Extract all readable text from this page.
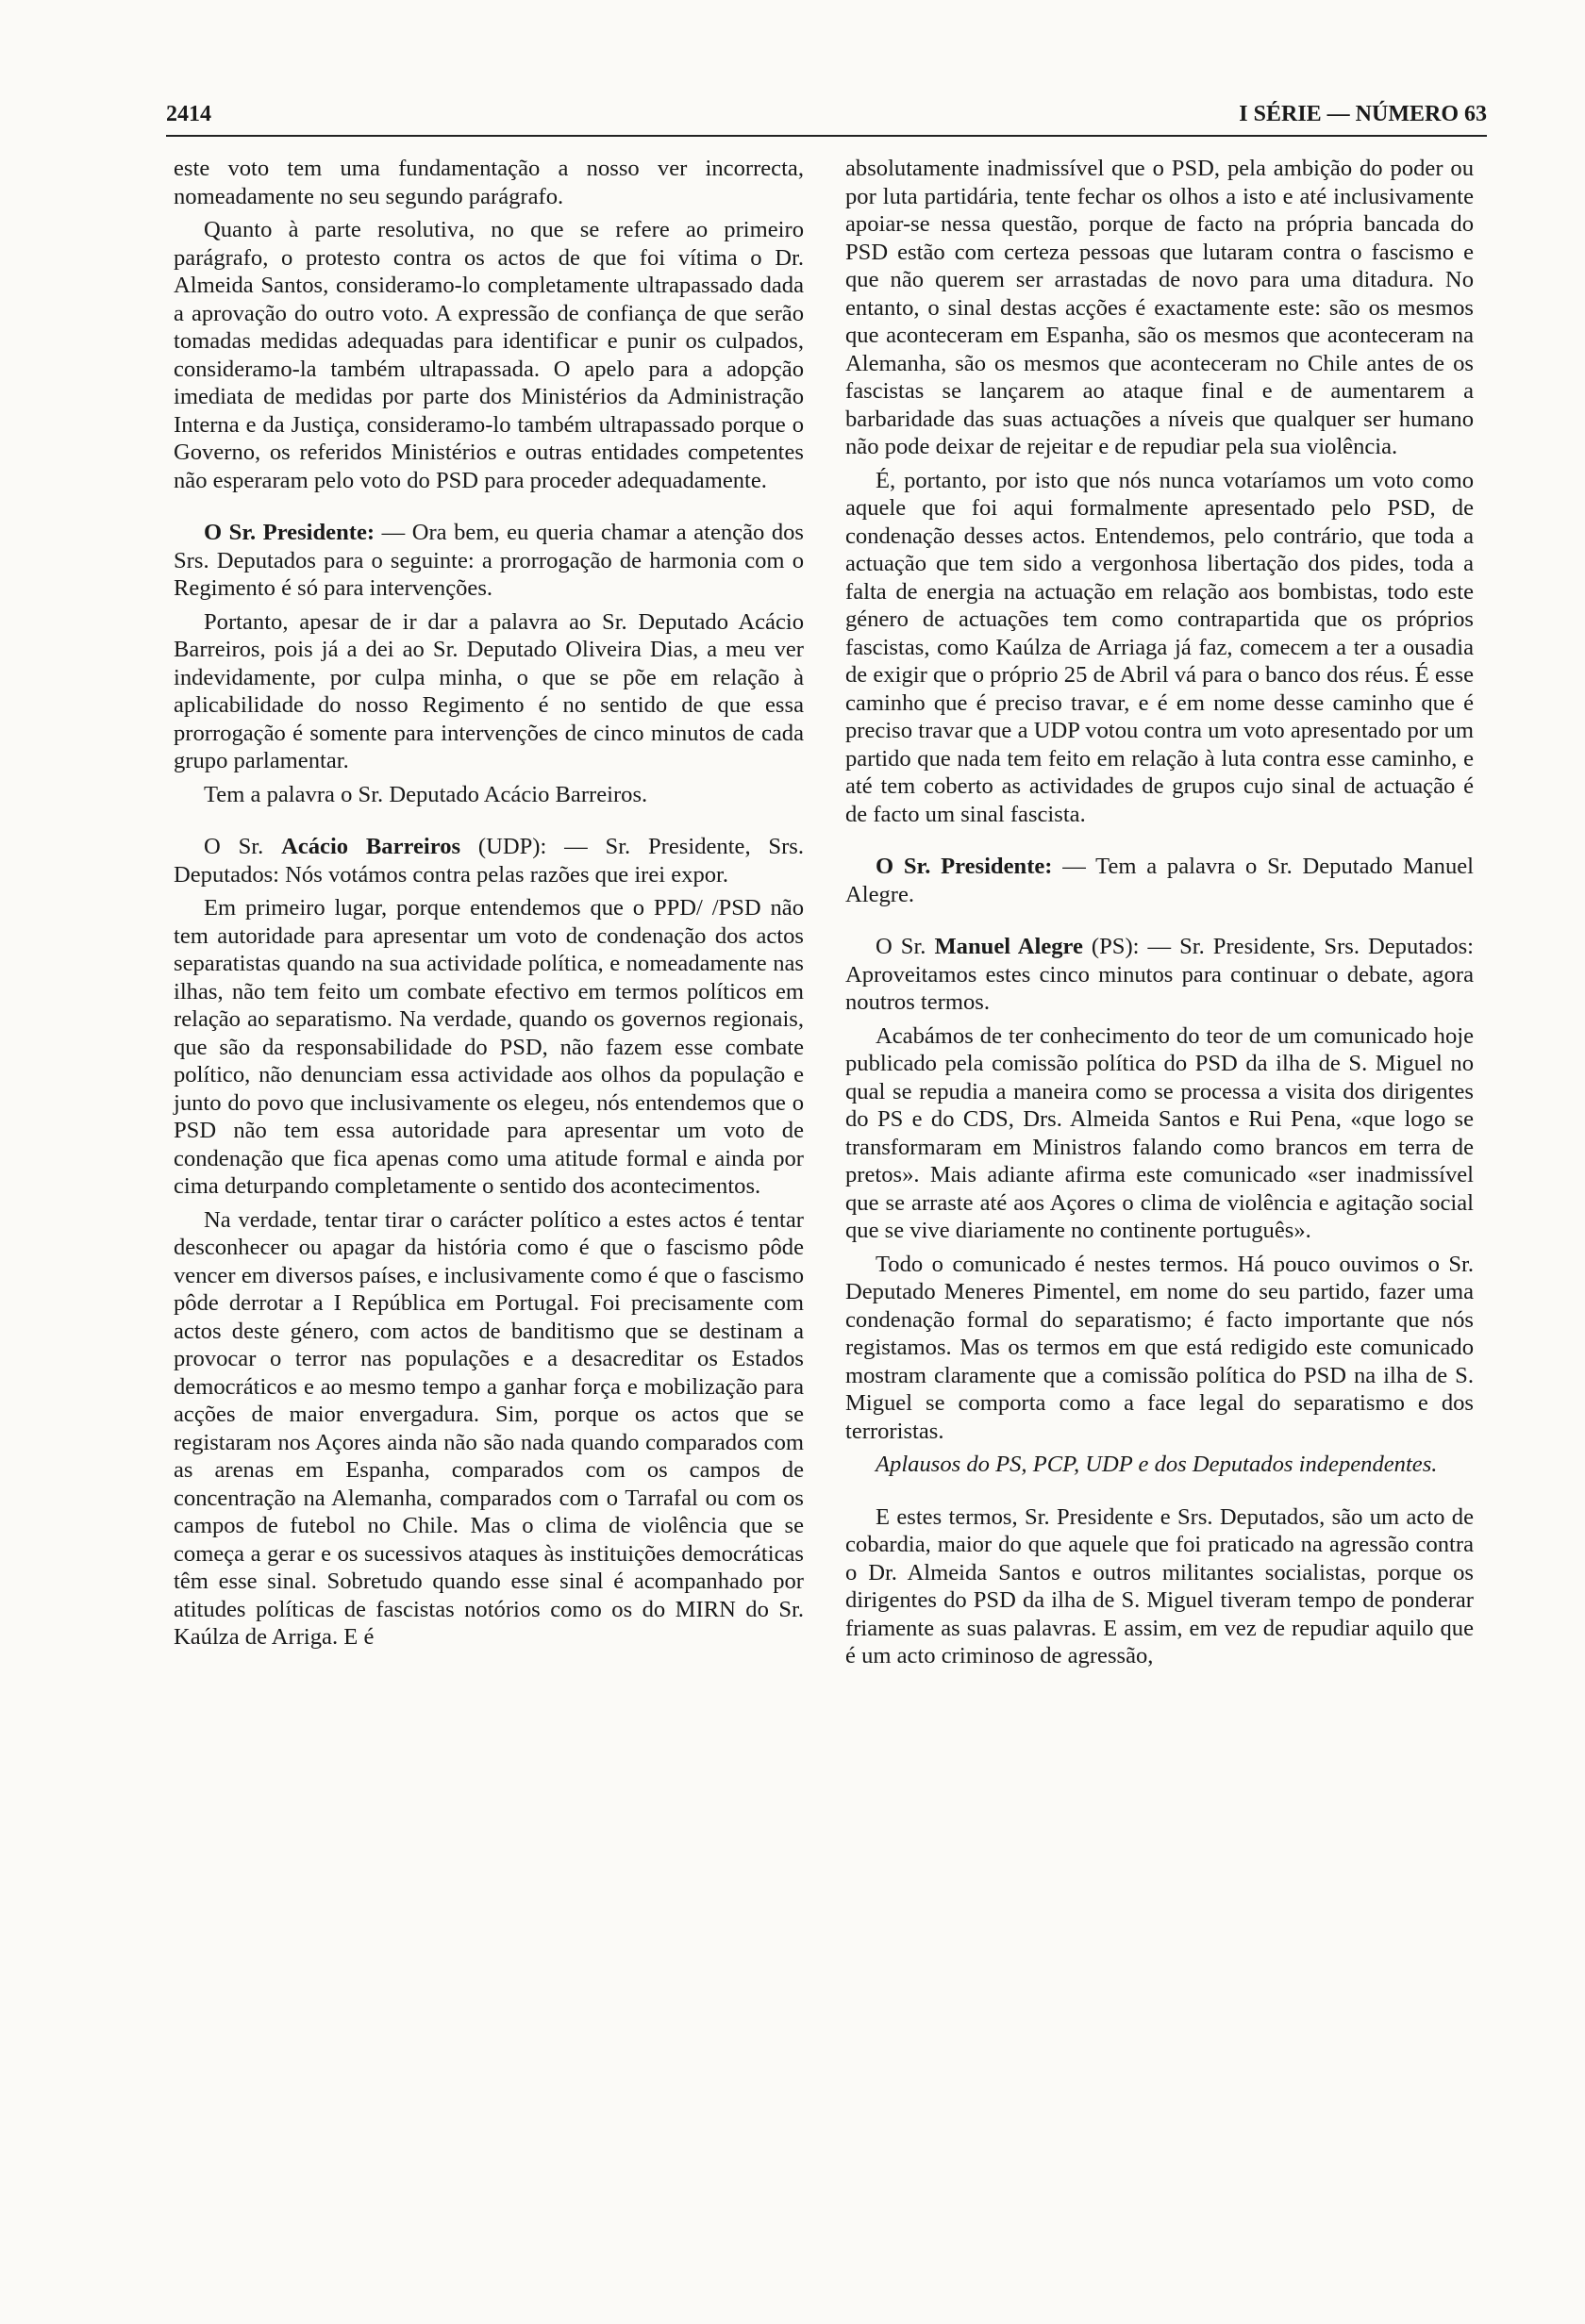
2414	I SÉRIE — NÚMERO 63

este voto tem uma fundamentação a nosso ver incorrecta, nomeadamente no seu segundo parágrafo.

Quanto à parte resolutiva, no que se refere ao primeiro parágrafo, o protesto contra os actos de que foi vítima o Dr. Almeida Santos, consideramo-lo completamente ultrapassado dada a aprovação do outro voto. A expressão de confiança de que serão tomadas medidas adequadas para identificar e punir os culpados, consideramo-la também ultrapassada. O apelo para a adopção imediata de medidas por parte dos Ministérios da Administração Interna e da Justiça, consideramo-lo também ultrapassado porque o Governo, os referidos Ministérios e outras entidades competentes não esperaram pelo voto do PSD para proceder adequadamente.

O Sr. Presidente: — Ora bem, eu queria chamar a atenção dos Srs. Deputados para o seguinte: a prorrogação de harmonia com o Regimento é só para intervenções.

Portanto, apesar de ir dar a palavra ao Sr. Deputado Acácio Barreiros, pois já a dei ao Sr. Deputado Oliveira Dias, a meu ver indevidamente, por culpa minha, o que se põe em relação à aplicabilidade do nosso Regimento é no sentido de que essa prorrogação é somente para intervenções de cinco minutos de cada grupo parlamentar.

Tem a palavra o Sr. Deputado Acácio Barreiros.

O Sr. Acácio Barreiros (UDP): — Sr. Presidente, Srs. Deputados: Nós votámos contra pelas razões que irei expor.

Em primeiro lugar, porque entendemos que o PPD/ /PSD não tem autoridade para apresentar um voto de condenação dos actos separatistas quando na sua actividade política, e nomeadamente nas ilhas, não tem feito um combate efectivo em termos políticos em relação ao separatismo. Na verdade, quando os governos regionais, que são da responsabilidade do PSD, não fazem esse combate político, não denunciam essa actividade aos olhos da população e junto do povo que inclusivamente os elegeu, nós entendemos que o PSD não tem essa autoridade para apresentar um voto de condenação que fica apenas como uma atitude formal e ainda por cima deturpando completamente o sentido dos acontecimentos.

Na verdade, tentar tirar o carácter político a estes actos é tentar desconhecer ou apagar da história como é que o fascismo pôde vencer em diversos países, e inclusivamente como é que o fascismo pôde derrotar a I República em Portugal. Foi precisamente com actos deste género, com actos de banditismo que se destinam a provocar o terror nas populações e a desacreditar os Estados democráticos e ao mesmo tempo a ganhar força e mobilização para acções de maior envergadura. Sim, porque os actos que se registaram nos Açores ainda não são nada quando comparados com as arenas em Espanha, comparados com os campos de concentração na Alemanha, comparados com o Tarrafal ou com os campos de futebol no Chile. Mas o clima de violência que se começa a gerar e os sucessivos ataques às instituições democráticas têm esse sinal. Sobretudo quando esse sinal é acompanhado por atitudes políticas de fascistas notórios como os do MIRN do Sr. Kaúlza de Arriga. E é

absolutamente inadmissível que o PSD, pela ambição do poder ou por luta partidária, tente fechar os olhos a isto e até inclusivamente apoiar-se nessa questão, porque de facto na própria bancada do PSD estão com certeza pessoas que lutaram contra o fascismo e que não querem ser arrastadas de novo para uma ditadura. No entanto, o sinal destas acções é exactamente este: são os mesmos que aconteceram em Espanha, são os mesmos que aconteceram na Alemanha, são os mesmos que aconteceram no Chile antes de os fascistas se lançarem ao ataque final e de aumentarem a barbaridade das suas actuações a níveis que qualquer ser humano não pode deixar de rejeitar e de repudiar pela sua violência.

É, portanto, por isto que nós nunca votaríamos um voto como aquele que foi aqui formalmente apresentado pelo PSD, de condenação desses actos. Entendemos, pelo contrário, que toda a actuação que tem sido a vergonhosa libertação dos pides, toda a falta de energia na actuação em relação aos bombistas, todo este género de actuações tem como contrapartida que os próprios fascistas, como Kaúlza de Arriaga já faz, comecem a ter a ousadia de exigir que o próprio 25 de Abril vá para o banco dos réus. É esse caminho que é preciso travar, e é em nome desse caminho que é preciso travar que a UDP votou contra um voto apresentado por um partido que nada tem feito em relação à luta contra esse caminho, e até tem coberto as actividades de grupos cujo sinal de actuação é de facto um sinal fascista.

O Sr. Presidente: — Tem a palavra o Sr. Deputado Manuel Alegre.

O Sr. Manuel Alegre (PS): — Sr. Presidente, Srs. Deputados: Aproveitamos estes cinco minutos para continuar o debate, agora noutros termos.

Acabámos de ter conhecimento do teor de um comunicado hoje publicado pela comissão política do PSD da ilha de S. Miguel no qual se repudia a maneira como se processa a visita dos dirigentes do PS e do CDS, Drs. Almeida Santos e Rui Pena, «que logo se transformaram em Ministros falando como brancos em terra de pretos». Mais adiante afirma este comunicado «ser inadmissível que se arraste até aos Açores o clima de violência e agitação social que se vive diariamente no continente português».

Todo o comunicado é nestes termos. Há pouco ouvimos o Sr. Deputado Meneres Pimentel, em nome do seu partido, fazer uma condenação formal do separatismo; é facto importante que nós registamos. Mas os termos em que está redigido este comunicado mostram claramente que a comissão política do PSD na ilha de S. Miguel se comporta como a face legal do separatismo e dos terroristas.

Aplausos do PS, PCP, UDP e dos Deputados independentes.

E estes termos, Sr. Presidente e Srs. Deputados, são um acto de cobardia, maior do que aquele que foi praticado na agressão contra o Dr. Almeida Santos e outros militantes socialistas, porque os dirigentes do PSD da ilha de S. Miguel tiveram tempo de ponderar friamente as suas palavras. E assim, em vez de repudiar aquilo que é um acto criminoso de agressão,
